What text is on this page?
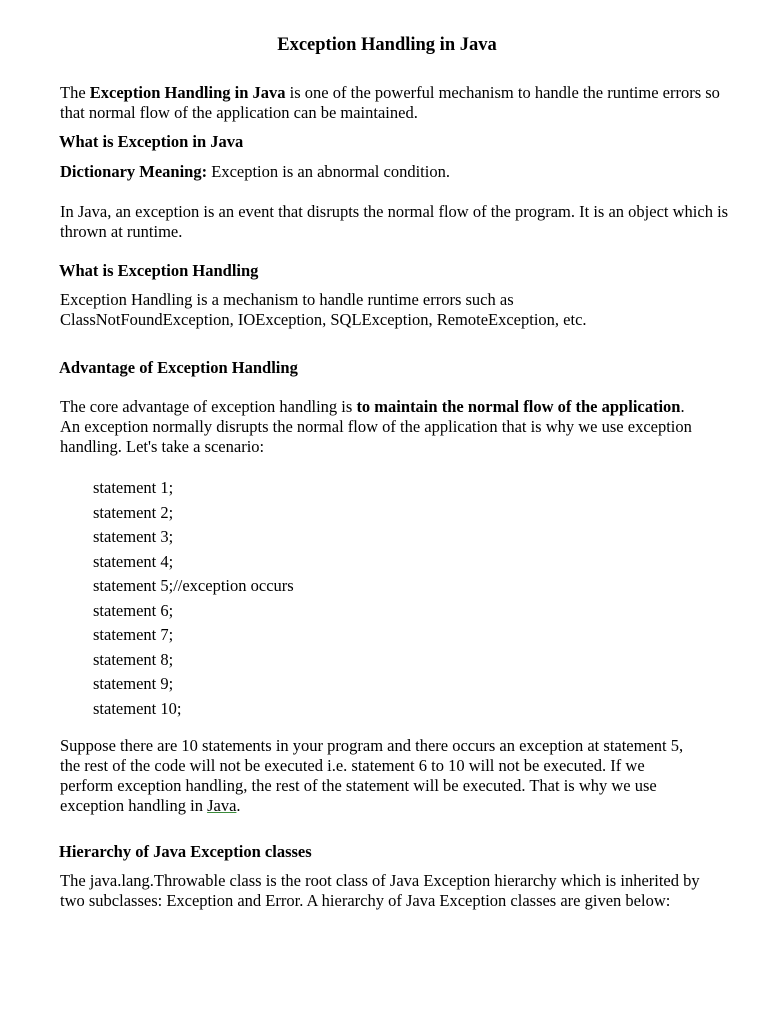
Exception Handling in Java

The Exception Handling in Java is one of the powerful mechanism to handle the runtime errors so that normal flow of the application can be maintained.

What is Exception in Java

Dictionary Meaning: Exception is an abnormal condition.

In Java, an exception is an event that disrupts the normal flow of the program. It is an object which is thrown at runtime.

What is Exception Handling

Exception Handling is a mechanism to handle runtime errors such as ClassNotFoundException, IOException, SQLException, RemoteException, etc.

Advantage of Exception Handling

The core advantage of exception handling is to maintain the normal flow of the application. An exception normally disrupts the normal flow of the application that is why we use exception handling. Let's take a scenario:

statement 1;
statement 2;
statement 3;
statement 4;
statement 5;//exception occurs
statement 6;
statement 7;
statement 8;
statement 9;
statement 10;

Suppose there are 10 statements in your program and there occurs an exception at statement 5, the rest of the code will not be executed i.e. statement 6 to 10 will not be executed. If we perform exception handling, the rest of the statement will be executed. That is why we use exception handling in Java.

Hierarchy of Java Exception classes

The java.lang.Throwable class is the root class of Java Exception hierarchy which is inherited by two subclasses: Exception and Error. A hierarchy of Java Exception classes are given below:
